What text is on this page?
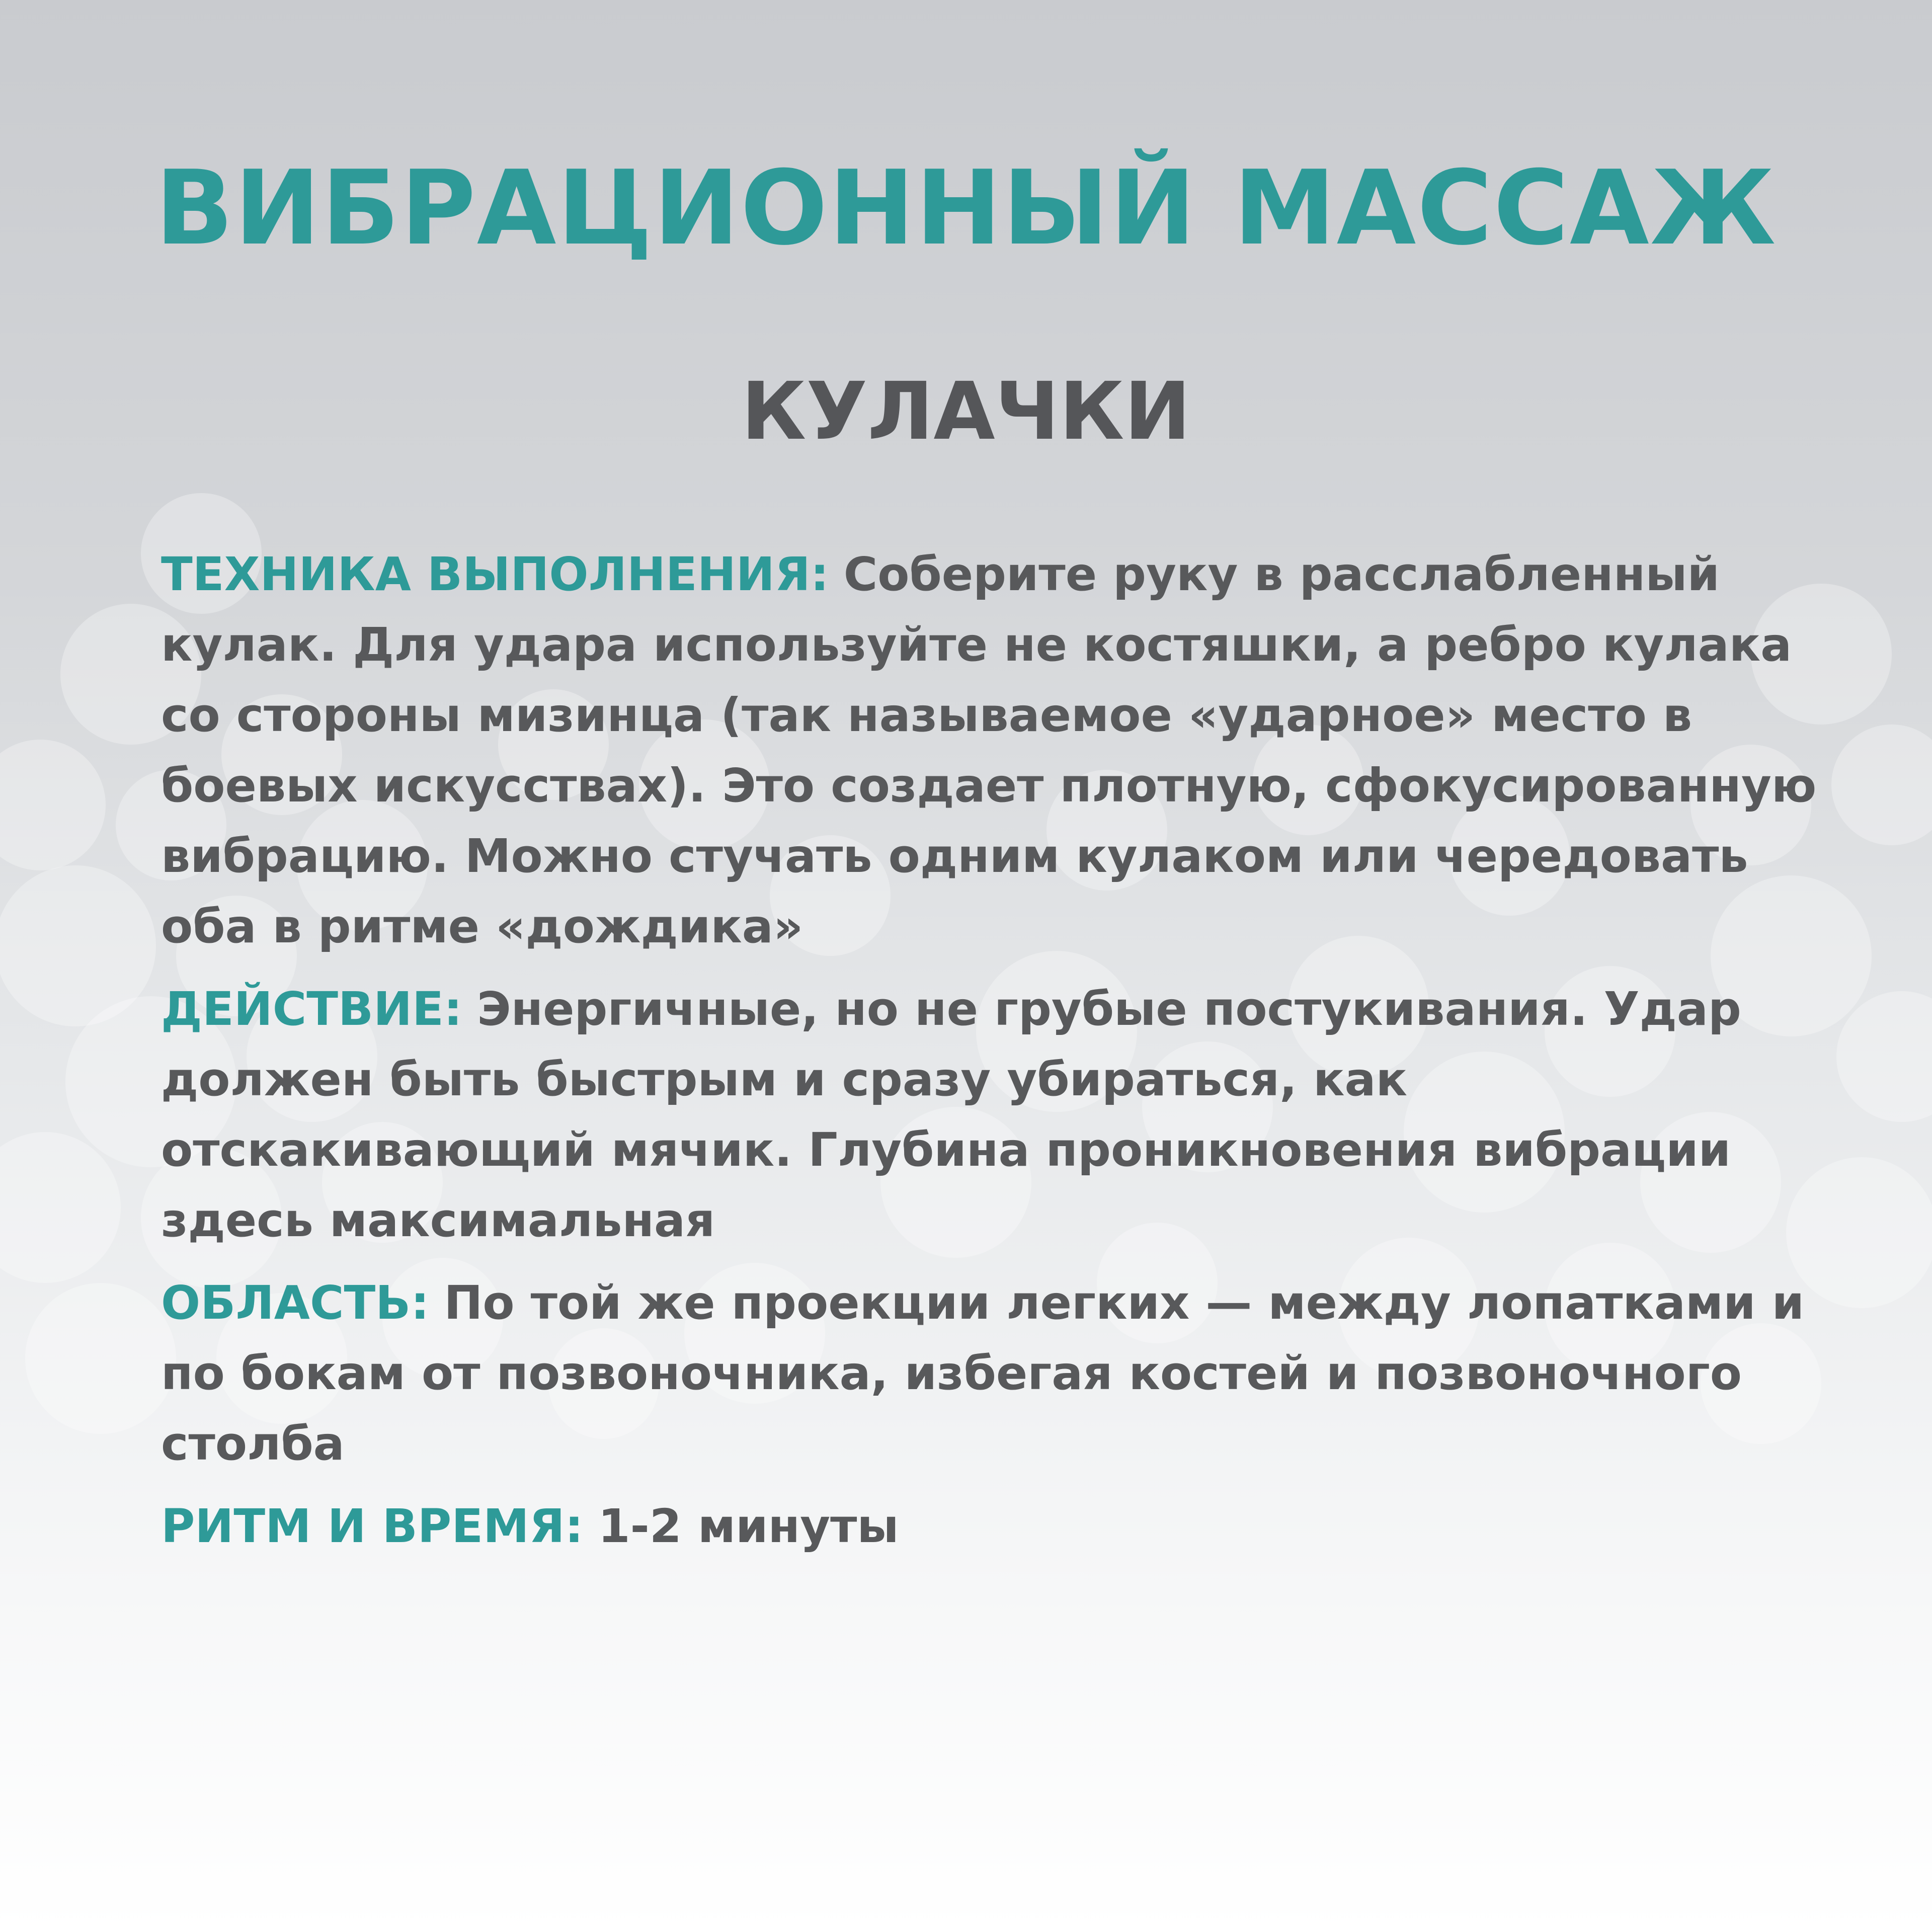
ВИБРАЦИОННЫЙ МАССАЖ
КУЛАЧКИ

ТЕХНИКА ВЫПОЛНЕНИЯ: Соберите руку в расслабленный кулак. Для удара используйте не костяшки, а ребро кулака со стороны мизинца (так называемое «ударное» место в боевых искусствах). Это создает плотную, сфокусированную вибрацию. Можно стучать одним кулаком или чередовать оба в ритме «дождика»

ДЕЙСТВИЕ: Энергичные, но не грубые постукивания. Удар должен быть быстрым и сразу убираться, как отскакивающий мячик. Глубина проникновения вибрации здесь максимальная

ОБЛАСТЬ: По той же проекции легких — между лопатками и по бокам от позвоночника, избегая костей и позвоночного столба

РИТМ И ВРЕМЯ: 1-2 минуты
